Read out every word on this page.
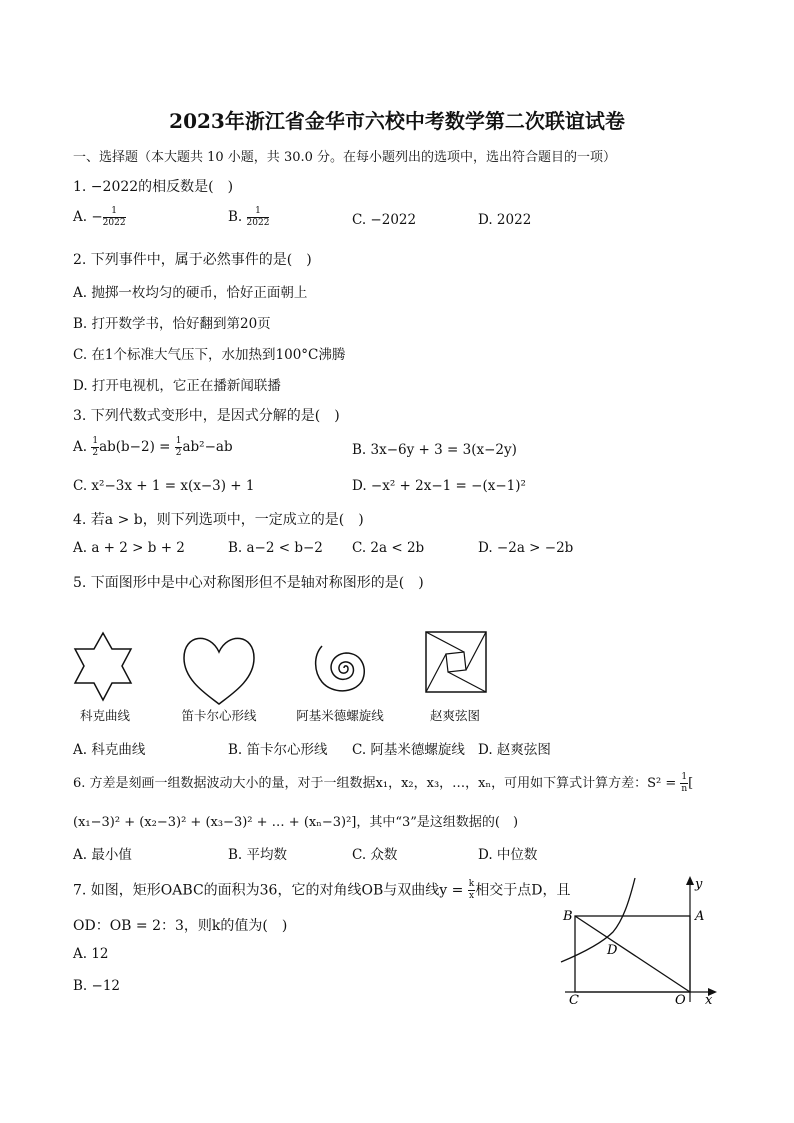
2023年浙江省金华市六校中考数学第二次联谊试卷
一、选择题（本大题共 10 小题，共 30.0 分。在每小题列出的选项中，选出符合题目的一项）
1. −2022的相反数是(　)
A. − $\frac{1}{2022}$	B. $\frac{1}{2022}$	C. −2022	D. 2022
2. 下列事件中，属于必然事件的是(　)
A. 抛掷一枚均匀的硬币，恰好正面朝上
B. 打开数学书，恰好翻到第20页
C. 在1个标准大气压下，水加热到100°C沸腾
D. 打开电视机，它正在播新闻联播
3. 下列代数式变形中，是因式分解的是(　)
A. $\frac{1}{2} ab(b-2) = \frac{1}{2} ab^2-ab$	B. 3x−6y + 3 = 3(x−2y)
C. x²−3x + 1 = x(x−3) + 1	D. −x² + 2x−1 = −(x−1)²
4. 若a > b，则下列选项中，一定成立的是(　)
A. a + 2 > b + 2	B. a−2 < b−2 C. 2a < 2b	D. −2a > −2b
5. 下面图形中是中心对称图形但不是轴对称图形的是(　)
科克曲线	笛卡尔心形线	阿基米德螺旋线	赵爽弦图
A. 科克曲线	B. 笛卡尔心形线 C. 阿基米德螺旋线 D. 赵爽弦图
6. 方差是刻画一组数据波动大小的量，对于一组数据x₁，x₂，x₃，…，xₙ，可用如下算式计算方差：$S^2 = \frac{1}{n}$ [
(x₁−3)² + (x₂−3)² + (x₃−3)² + … + (xₙ−3)²]，其中“3”是这组数据的(　)
A. 最小值	B. 平均数	C. 众数	D. 中位数
7. 如图，矩形OABC的面积为36，它的对角线OB与双曲线$y = \frac{k}{x}$ 相交于点D，且
OD：OB = 2：3，则k的值为(　)
A. 12
B. −12
B	A
D
C	O x
y
